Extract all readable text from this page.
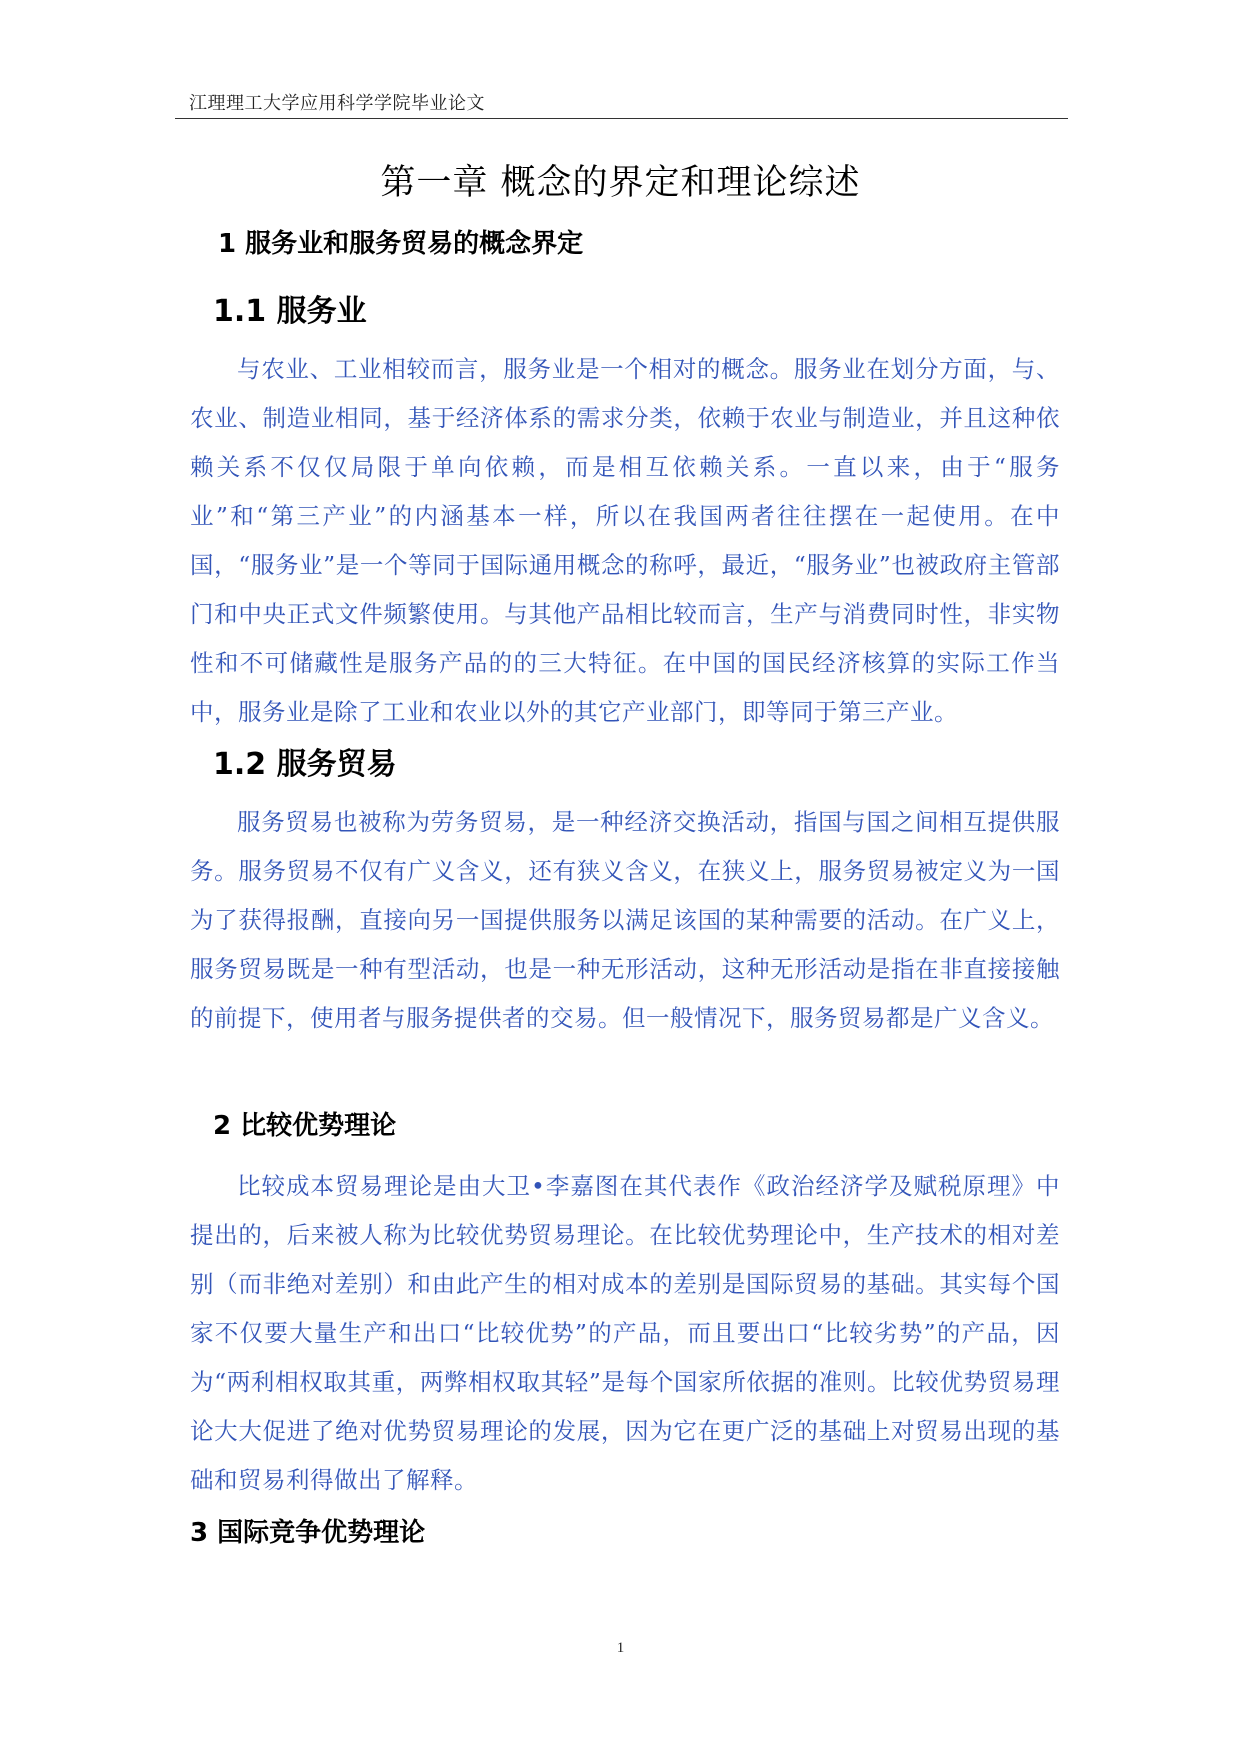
江理理工大学应用科学学院毕业论文
第一章 概念的界定和理论综述
1 服务业和服务贸易的概念界定
1.1 服务业

与农业、工业相较而言，服务业是一个相对的概念。服务业在划分方面，与、农业、制造业相同，基于经济体系的需求分类，依赖于农业与制造业，并且这种依赖关系不仅仅局限于单向依赖，而是相互依赖关系。一直以来，由于“服务业”和“第三产业”的内涵基本一样，所以在我国两者往往摆在一起使用。在中国，“服务业”是一个等同于国际通用概念的称呼，最近，“服务业”也被政府主管部门和中央正式文件频繁使用。与其他产品相比较而言，生产与消费同时性，非实物性和不可储藏性是服务产品的的三大特征。在中国的国民经济核算的实际工作当中，服务业是除了工业和农业以外的其它产业部门，即等同于第三产业。

1.2 服务贸易

服务贸易也被称为劳务贸易，是一种经济交换活动，指国与国之间相互提供服务。服务贸易不仅有广义含义，还有狭义含义，在狭义上，服务贸易被定义为一国为了获得报酬，直接向另一国提供服务以满足该国的某种需要的活动。在广义上，服务贸易既是一种有型活动，也是一种无形活动，这种无形活动是指在非直接接触的前提下，使用者与服务提供者的交易。但一般情况下，服务贸易都是广义含义。

2 比较优势理论

比较成本贸易理论是由大卫•李嘉图在其代表作《政治经济学及赋税原理》中提出的，后来被人称为比较优势贸易理论。在比较优势理论中，生产技术的相对差别（而非绝对差别）和由此产生的相对成本的差别是国际贸易的基础。其实每个国家不仅要大量生产和出口“比较优势”的产品，而且要出口“比较劣势”的产品，因为“两利相权取其重，两弊相权取其轻”是每个国家所依据的准则。比较优势贸易理论大大促进了绝对优势贸易理论的发展，因为它在更广泛的基础上对贸易出现的基础和贸易利得做出了解释。

3 国际竞争优势理论
1
